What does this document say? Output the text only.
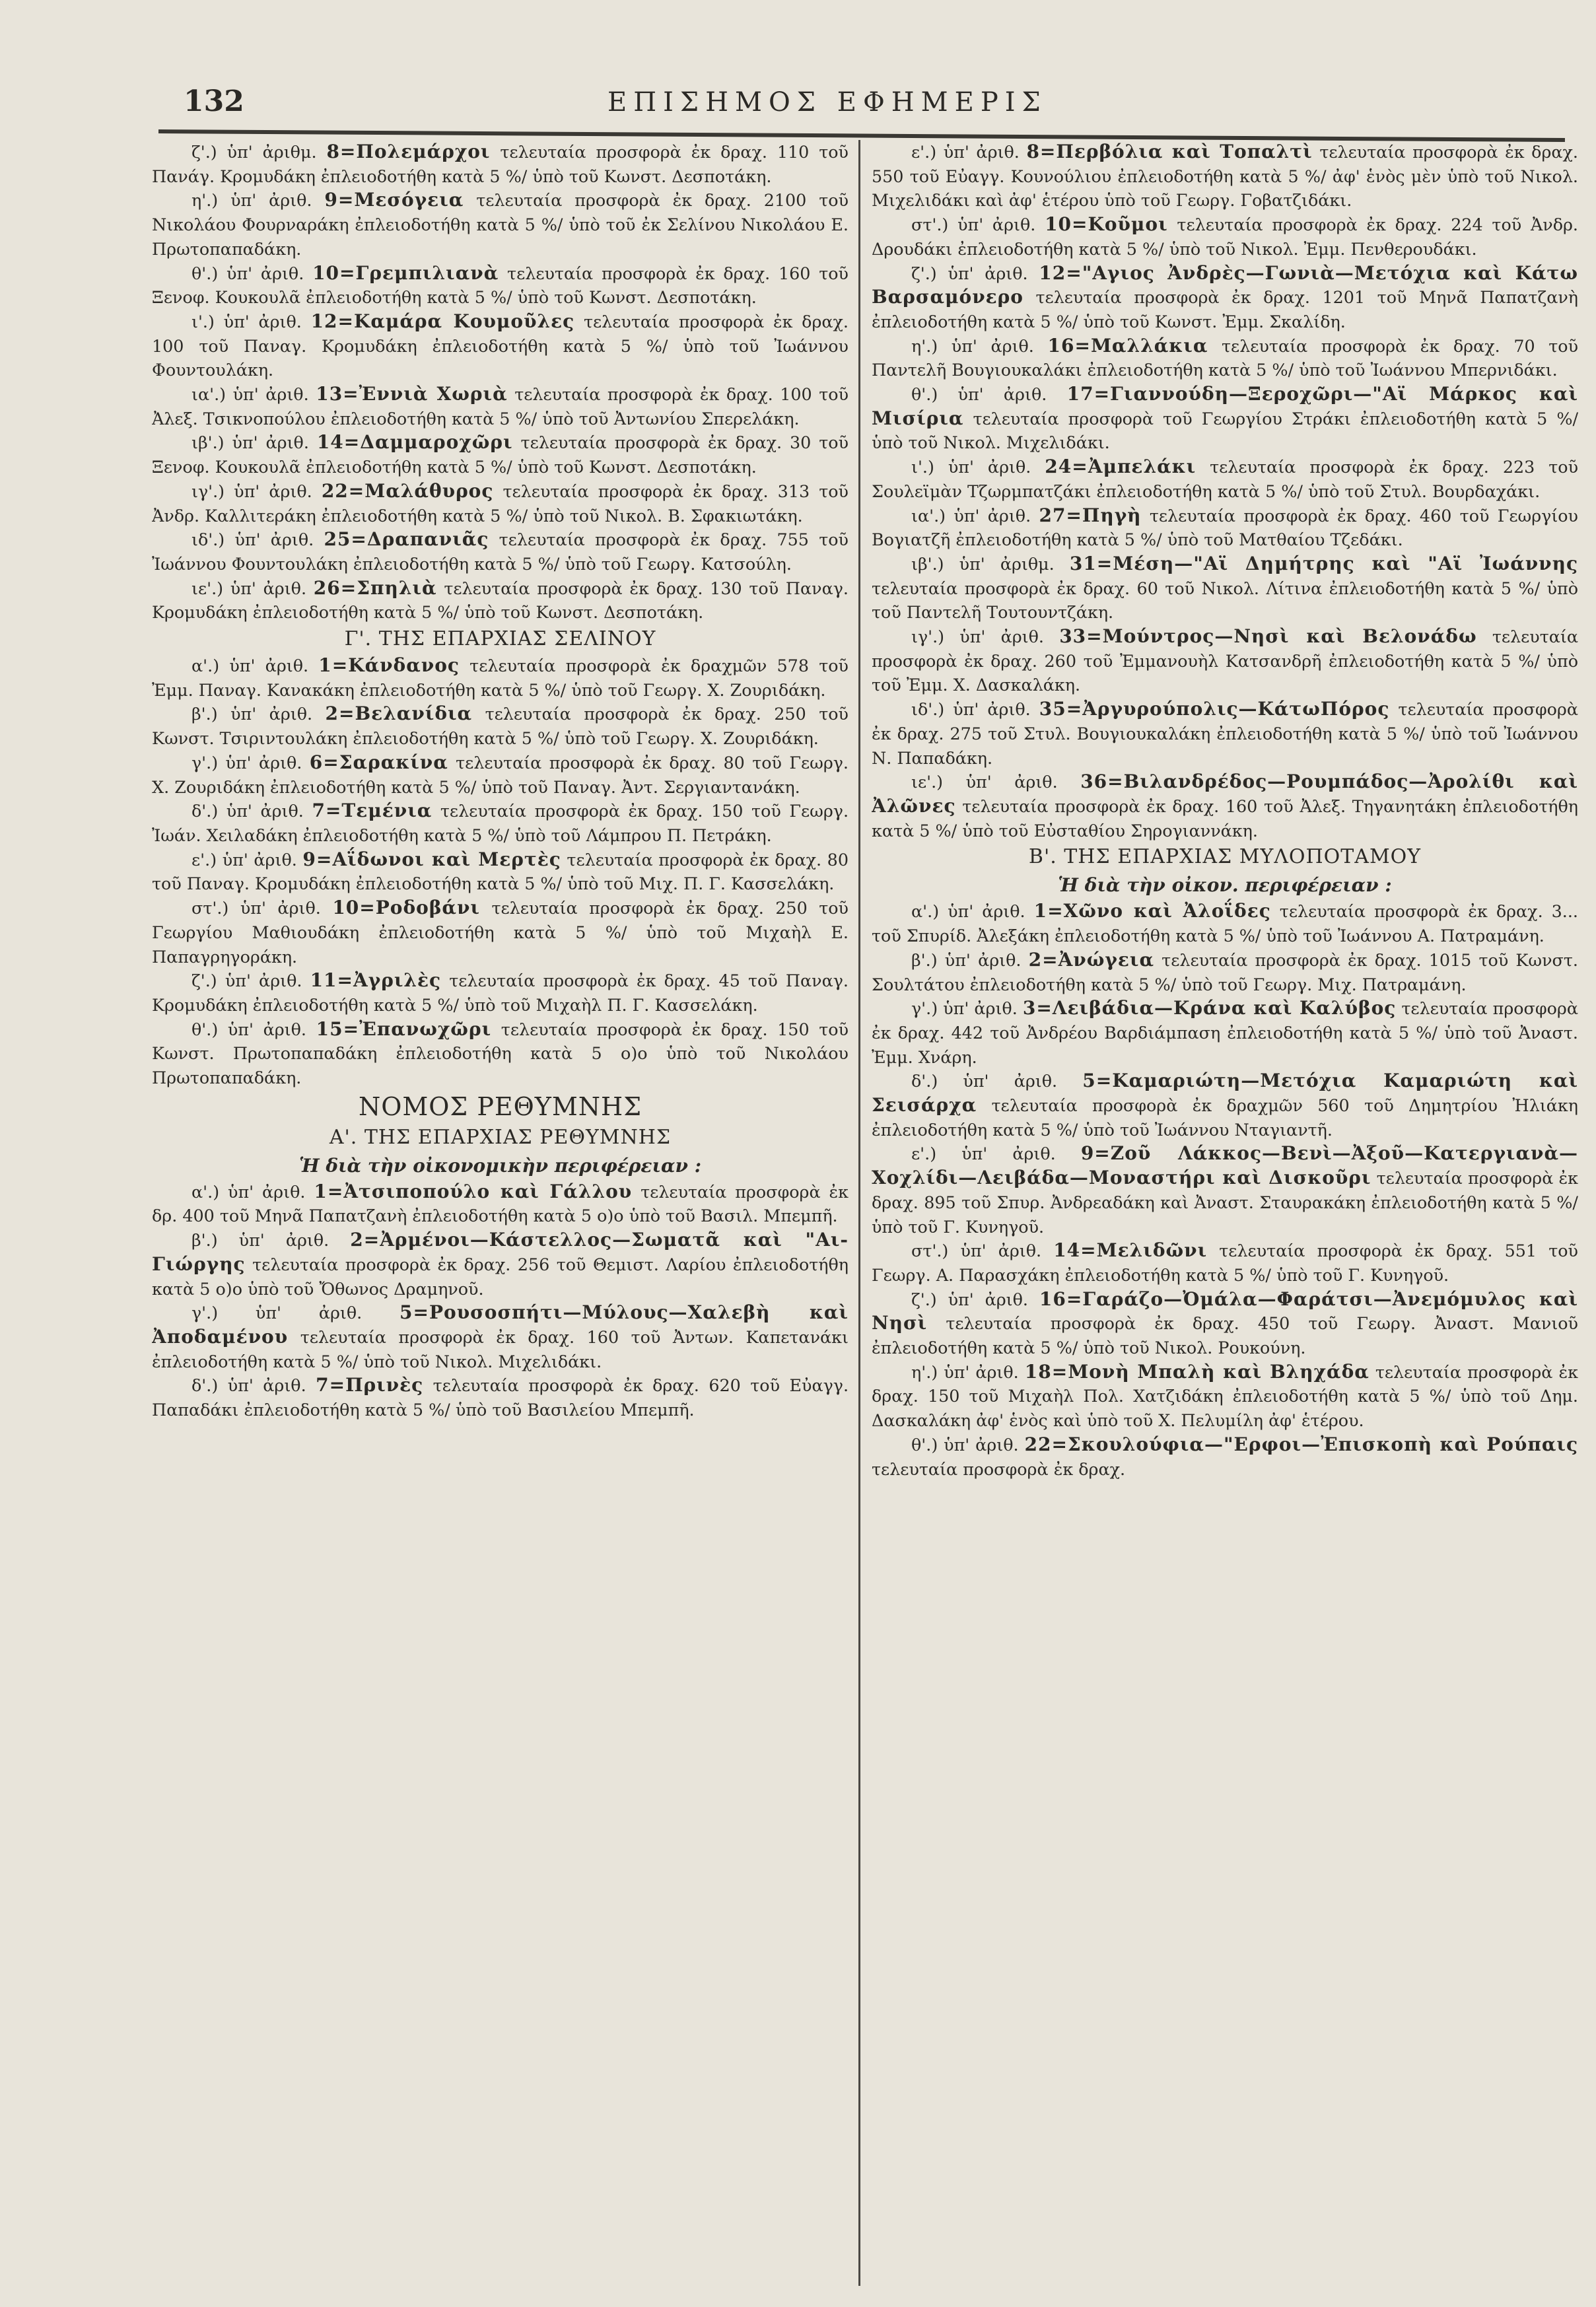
132	ΕΠΙΣΗΜΟΣ ΕΦΗΜΕΡΙΣ

ζ'.) ὑπ' ἀριθμ. 8=Πολεμάρχοι τελευταία προσφορὰ ἐκ δραχ. 110 τοῦ Πανάγ. Κρομυδάκη ἐπλειοδοτήθη κατὰ 5 %/ ὑπὸ τοῦ Κωνστ. Δεσποτάκη.

η'.) ὑπ' ἀριθ. 9=Μεσόγεια τελευταία προσφορὰ ἐκ δραχ. 2100 τοῦ Νικολάου Φουρναράκη ἐπλειοδοτήθη κατὰ 5 %/ ὑπὸ τοῦ ἐκ Σελίνου Νικολάου Ε. Πρωτοπαπαδάκη.

θ'.) ὑπ' ἀριθ. 10=Γρεμπιλιανὰ τελευταία προσφορὰ ἐκ δραχ. 160 τοῦ Ξενοφ. Κουκουλᾶ ἐπλειοδοτήθη κατὰ 5 %/ ὑπὸ τοῦ Κωνστ. Δεσποτάκη.

ι'.) ὑπ' ἀριθ. 12=Καμάρα Κουμοῦλες τελευταία προσφορὰ ἐκ δραχ. 100 τοῦ Παναγ. Κρομυδάκη ἐπλειοδοτήθη κατὰ 5 %/ ὑπὸ τοῦ Ἰωάννου Φουντουλάκη.

ια'.) ὑπ' ἀριθ. 13=Ἐννιὰ Χωριὰ τελευταία προσφορὰ ἐκ δραχ. 100 τοῦ Ἀλεξ. Τσικνοπούλου ἐπλειοδοτήθη κατὰ 5 %/ ὑπὸ τοῦ Ἀντωνίου Σπερελάκη.

ιβ'.) ὑπ' ἀριθ. 14=Δαμμαροχῶρι τελευταία προσφορὰ ἐκ δραχ. 30 τοῦ Ξενοφ. Κουκουλᾶ ἐπλειοδοτήθη κατὰ 5 %/ ὑπὸ τοῦ Κωνστ. Δεσποτάκη.

ιγ'.) ὑπ' ἀριθ. 22=Μαλάθυρος τελευταία προσφορὰ ἐκ δραχ. 313 τοῦ Ἀνδρ. Καλλιτεράκη ἐπλειοδοτήθη κατὰ 5 %/ ὑπὸ τοῦ Νικολ. Β. Σφακιωτάκη.

ιδ'.) ὑπ' ἀριθ. 25=Δραπανιᾶς τελευταία προσφορὰ ἐκ δραχ. 755 τοῦ Ἰωάννου Φουντουλάκη ἐπλειοδοτήθη κατὰ 5 %/ ὑπὸ τοῦ Γεωργ. Κατσούλη.

ιε'.) ὑπ' ἀριθ. 26=Σπηλιὰ τελευταία προσφορὰ ἐκ δραχ. 130 τοῦ Παναγ. Κρομυδάκη ἐπλειοδοτήθη κατὰ 5 %/ ὑπὸ τοῦ Κωνστ. Δεσποτάκη.

Γ'. ΤΗΣ ΕΠΑΡΧΙΑΣ ΣΕΛΙΝΟΥ

α'.) ὑπ' ἀριθ. 1=Κάνδανος τελευταία προσφορὰ ἐκ δραχμῶν 578 τοῦ Ἐμμ. Παναγ. Κανακάκη ἐπλειοδοτήθη κατὰ 5 %/ ὑπὸ τοῦ Γεωργ. Χ. Ζουριδάκη.

β'.) ὑπ' ἀριθ. 2=Βελανίδια τελευταία προσφορὰ ἐκ δραχ. 250 τοῦ Κωνστ. Τσιριντουλάκη ἐπλειοδοτήθη κατὰ 5 %/ ὑπὸ τοῦ Γεωργ. Χ. Ζουριδάκη.

γ'.) ὑπ' ἀριθ. 6=Σαρακίνα τελευταία προσφορὰ ἐκ δραχ. 80 τοῦ Γεωργ. Χ. Ζουριδάκη ἐπλειοδοτήθη κατὰ 5 %/ ὑπὸ τοῦ Παναγ. Ἀντ. Σεργιαντανάκη.

δ'.) ὑπ' ἀριθ. 7=Τεμένια τελευταία προσφορὰ ἐκ δραχ. 150 τοῦ Γεωργ. Ἰωάν. Χειλαδάκη ἐπλειοδοτήθη κατὰ 5 %/ ὑπὸ τοῦ Λάμπρου Π. Πετράκη.

ε'.) ὑπ' ἀριθ. 9=Αΐδωνοι καὶ Μερτὲς τελευταία προσφορὰ ἐκ δραχ. 80 τοῦ Παναγ. Κρομυδάκη ἐπλειοδοτήθη κατὰ 5 %/ ὑπὸ τοῦ Μιχ. Π. Γ. Κασσελάκη.

στ'.) ὑπ' ἀριθ. 10=Ροδοβάνι τελευταία προσφορὰ ἐκ δραχ. 250 τοῦ Γεωργίου Μαθιουδάκη ἐπλειοδοτήθη κατὰ 5 %/ ὑπὸ τοῦ Μιχαὴλ Ε. Παπαγρηγοράκη.

ζ'.) ὑπ' ἀριθ. 11=Ἀγριλὲς τελευταία προσφορὰ ἐκ δραχ. 45 τοῦ Παναγ. Κρομυδάκη ἐπλειοδοτήθη κατὰ 5 %/ ὑπὸ τοῦ Μιχαὴλ Π. Γ. Κασσελάκη.

θ'.) ὑπ' ἀριθ. 15=Ἐπανωχῶρι τελευταία προσφορὰ ἐκ δραχ. 150 τοῦ Κωνστ. Πρωτοπαπαδάκη ἐπλειοδοτήθη κατὰ 5 ο)ο ὑπὸ τοῦ Νικολάου Πρωτοπαπαδάκη.

ΝΟΜΟΣ ΡΕΘΥΜΝΗΣ

Α'. ΤΗΣ ΕΠΑΡΧΙΑΣ ΡΕΘΥΜΝΗΣ

Ἡ διὰ τὴν οἰκονομικὴν περιφέρειαν :

α'.) ὑπ' ἀριθ. 1=Ἀτσιποπούλο καὶ Γάλλου τελευταία προσφορὰ ἐκ δρ. 400 τοῦ Μηνᾶ Παπατζανὴ ἐπλειοδοτήθη κατὰ 5 ο)ο ὑπὸ τοῦ Βασιλ. Μπεμπῆ.

β'.) ὑπ' ἀριθ. 2=Ἀρμένοι—Κάστελλος—Σωματᾶ καὶ "Αι-Γιώργης τελευταία προσφορὰ ἐκ δραχ. 256 τοῦ Θεμιστ. Λαρίου ἐπλειοδοτήθη κατὰ 5 ο)ο ὑπὸ τοῦ Ὄθωνος Δραμηνοῦ.

γ'.) ὑπ' ἀριθ. 5=Ρουσοσπήτι—Μύλους—Χαλεβὴ καὶ Ἀποδαμένου τελευταία προσφορὰ ἐκ δραχ. 160 τοῦ Ἀντων. Καπετανάκι ἐπλειοδοτήθη κατὰ 5 %/ ὑπὸ τοῦ Νικολ. Μιχελιδάκι.

δ'.) ὑπ' ἀριθ. 7=Πρινὲς τελευταία προσφορὰ ἐκ δραχ. 620 τοῦ Εὐαγγ. Παπαδάκι ἐπλειοδοτήθη κατὰ 5 %/ ὑπὸ τοῦ Βασιλείου Μπεμπῆ.

ε'.) ὑπ' ἀριθ. 8=Περβόλια καὶ Τοπαλτὶ τελευταία προσφορὰ ἐκ δραχ. 550 τοῦ Εὐαγγ. Κουνούλιου ἐπλειοδοτήθη κατὰ 5 %/ ἀφ' ἑνὸς μὲν ὑπὸ τοῦ Νικολ. Μιχελιδάκι καὶ ἀφ' ἑτέρου ὑπὸ τοῦ Γεωργ. Γοβατζιδάκι.

στ'.) ὑπ' ἀριθ. 10=Κοῦμοι τελευταία προσφορὰ ἐκ δραχ. 224 τοῦ Ἀνδρ. Δρουδάκι ἐπλειοδοτήθη κατὰ 5 %/ ὑπὸ τοῦ Νικολ. Ἐμμ. Πενθερουδάκι.

ζ'.) ὑπ' ἀριθ. 12="Αγιος Ἀνδρὲς—Γωνιὰ—Μετόχια καὶ Κάτω Βαρσαμόνερο τελευταία προσφορὰ ἐκ δραχ. 1201 τοῦ Μηνᾶ Παπατζανὴ ἐπλειοδοτήθη κατὰ 5 %/ ὑπὸ τοῦ Κωνστ. Ἐμμ. Σκαλίδη.

η'.) ὑπ' ἀριθ. 16=Μαλλάκια τελευταία προσφορὰ ἐκ δραχ. 70 τοῦ Παντελῆ Βουγιουκαλάκι ἐπλειοδοτήθη κατὰ 5 %/ ὑπὸ τοῦ Ἰωάννου Μπερνιδάκι.

θ'.) ὑπ' ἀριθ. 17=Γιαννούδη—Ξεροχῶρι—"Αϊ Μάρκος καὶ Μισίρια τελευταία προσφορὰ τοῦ Γεωργίου Στράκι ἐπλειοδοτήθη κατὰ 5 %/ ὑπὸ τοῦ Νικολ. Μιχελιδάκι.

ι'.) ὑπ' ἀριθ. 24=Ἀμπελάκι τελευταία προσφορὰ ἐκ δραχ. 223 τοῦ Σουλεϊμὰν Τζωρμπατζάκι ἐπλειοδοτήθη κατὰ 5 %/ ὑπὸ τοῦ Στυλ. Βουρδαχάκι.

ια'.) ὑπ' ἀριθ. 27=Πηγὴ τελευταία προσφορὰ ἐκ δραχ. 460 τοῦ Γεωργίου Βογιατζῆ ἐπλειοδοτήθη κατὰ 5 %/ ὑπὸ τοῦ Ματθαίου Τζεδάκι.

ιβ'.) ὑπ' ἀριθμ. 31=Μέση—"Αϊ Δημήτρης καὶ "Αϊ Ἰωάννης τελευταία προσφορὰ ἐκ δραχ. 60 τοῦ Νικολ. Λίτινα ἐπλειοδοτήθη κατὰ 5 %/ ὑπὸ τοῦ Παντελῆ Τουτουντζάκη.

ιγ'.) ὑπ' ἀριθ. 33=Μούντρος—Νησὶ καὶ Βελονάδω τελευταία προσφορὰ ἐκ δραχ. 260 τοῦ Ἐμμανουὴλ Κατσανδρῆ ἐπλειοδοτήθη κατὰ 5 %/ ὑπὸ τοῦ Ἐμμ. Χ. Δασκαλάκη.

ιδ'.) ὑπ' ἀριθ. 35=Ἀργυρούπολις—ΚάτωΠόρος τελευταία προσφορὰ ἐκ δραχ. 275 τοῦ Στυλ. Βουγιουκαλάκη ἐπλειοδοτήθη κατὰ 5 %/ ὑπὸ τοῦ Ἰωάννου Ν. Παπαδάκη.

ιε'.) ὑπ' ἀριθ. 36=Βιλανδρέδος—Ρουμπάδος—Ἀρολίθι καὶ Ἀλῶνες τελευταία προσφορὰ ἐκ δραχ. 160 τοῦ Ἀλεξ. Τηγανητάκη ἐπλειοδοτήθη κατὰ 5 %/ ὑπὸ τοῦ Εὐσταθίου Σηρογιαννάκη.

Β'. ΤΗΣ ΕΠΑΡΧΙΑΣ ΜΥΛΟΠΟΤΑΜΟΥ

Ἡ διὰ τὴν οἰκον. περιφέρειαν :

α'.) ὑπ' ἀριθ. 1=Χῶνο καὶ Ἀλοΐδες τελευταία προσφορὰ ἐκ δραχ. 3... τοῦ Σπυρίδ. Ἀλεξάκη ἐπλειοδοτήθη κατὰ 5 %/ ὑπὸ τοῦ Ἰωάννου Α. Πατραμάνη.

β'.) ὑπ' ἀριθ. 2=Ἀνώγεια τελευταία προσφορὰ ἐκ δραχ. 1015 τοῦ Κωνστ. Σουλτάτου ἐπλειοδοτήθη κατὰ 5 %/ ὑπὸ τοῦ Γεωργ. Μιχ. Πατραμάνη.

γ'.) ὑπ' ἀριθ. 3=Λειβάδια—Κράνα καὶ Καλύβος τελευταία προσφορὰ ἐκ δραχ. 442 τοῦ Ἀνδρέου Βαρδιάμπαση ἐπλειοδοτήθη κατὰ 5 %/ ὑπὸ τοῦ Ἀναστ. Ἐμμ. Χνάρη.

δ'.) ὑπ' ἀριθ. 5=Καμαριώτη—Μετόχια Καμαριώτη καὶ Σεισάρχα τελευταία προσφορὰ ἐκ δραχμῶν 560 τοῦ Δημητρίου Ἠλιάκη ἐπλειοδοτήθη κατὰ 5 %/ ὑπὸ τοῦ Ἰωάννου Νταγιαντῆ.

ε'.) ὑπ' ἀριθ. 9=Ζοῦ Λάκκος—Βενὶ—Ἀξοῦ—Κατεργιανὰ—Χοχλίδι—Λειβάδα—Μοναστήρι καὶ Δισκοῦρι τελευταία προσφορὰ ἐκ δραχ. 895 τοῦ Σπυρ. Ἀνδρεαδάκη καὶ Ἀναστ. Σταυρακάκη ἐπλειοδοτήθη κατὰ 5 %/ ὑπὸ τοῦ Γ. Κυνηγοῦ.

στ'.) ὑπ' ἀριθ. 14=Μελιδῶνι τελευταία προσφορὰ ἐκ δραχ. 551 τοῦ Γεωργ. Α. Παρασχάκη ἐπλειοδοτήθη κατὰ 5 %/ ὑπὸ τοῦ Γ. Κυνηγοῦ.

ζ'.) ὑπ' ἀριθ. 16=Γαράζο—Ὀμάλα—Φαράτσι—Ἀνεμόμυλος καὶ Νησὶ τελευταία προσφορὰ ἐκ δραχ. 450 τοῦ Γεωργ. Ἀναστ. Μανιοῦ ἐπλειοδοτήθη κατὰ 5 %/ ὑπὸ τοῦ Νικολ. Ρουκούνη.

η'.) ὑπ' ἀριθ. 18=Μονὴ Μπαλὴ καὶ Βληχάδα τελευταία προσφορὰ ἐκ δραχ. 150 τοῦ Μιχαὴλ Πολ. Χατζιδάκη ἐπλειοδοτήθη κατὰ 5 %/ ὑπὸ τοῦ Δημ. Δασκαλάκη ἀφ' ἑνὸς καὶ ὑπὸ τοῦ Χ. Πελυμίλη ἀφ' ἑτέρου.

θ'.) ὑπ' ἀριθ. 22=Σκουλούφια—"Ερφοι—Ἐπισκοπὴ καὶ Ρούπαις τελευταία προσφορὰ ἐκ δραχ.
